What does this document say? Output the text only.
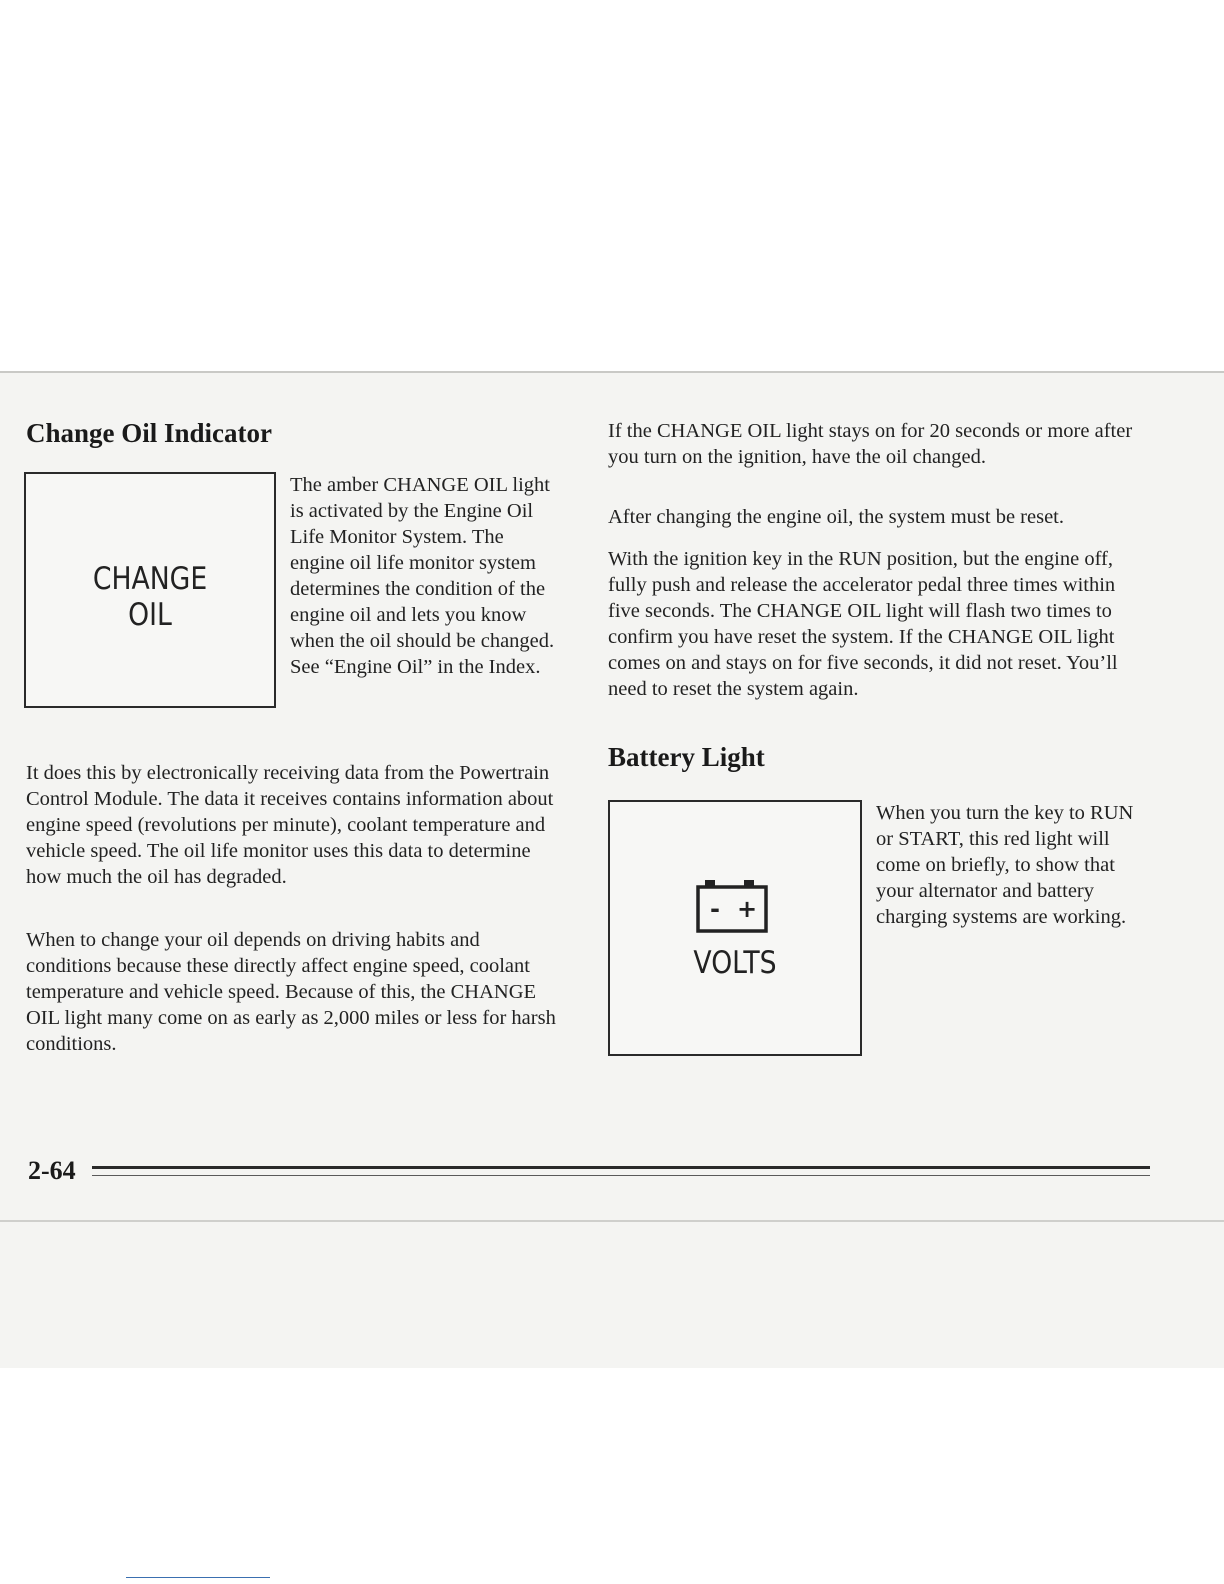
Change Oil Indicator
CHANGE
OIL

The amber CHANGE OIL light is activated by the Engine Oil Life Monitor System. The engine oil life monitor system determines the condition of the engine oil and lets you know when the oil should be changed. See “Engine Oil” in the Index.

It does this by electronically receiving data from the Powertrain Control Module. The data it receives contains information about engine speed (revolutions per minute), coolant temperature and vehicle speed. The oil life monitor uses this data to determine how much the oil has degraded.

When to change your oil depends on driving habits and conditions because these directly affect engine speed, coolant temperature and vehicle speed. Because of this, the CHANGE OIL light many come on as early as 2,000 miles or less for harsh conditions.

If the CHANGE OIL light stays on for 20 seconds or more after you turn on the ignition, have the oil changed.

After changing the engine oil, the system must be reset.

With the ignition key in the RUN position, but the engine off, fully push and release the accelerator pedal three times within five seconds. The CHANGE OIL light will flash two times to confirm you have reset the system. If the CHANGE OIL light comes on and stays on for five seconds, it did not reset. You’ll need to reset the system again.

Battery Light
- +
VOLTS

When you turn the key to RUN or START, this red light will come on briefly, to show that your alternator and battery charging systems are working.

2-64
